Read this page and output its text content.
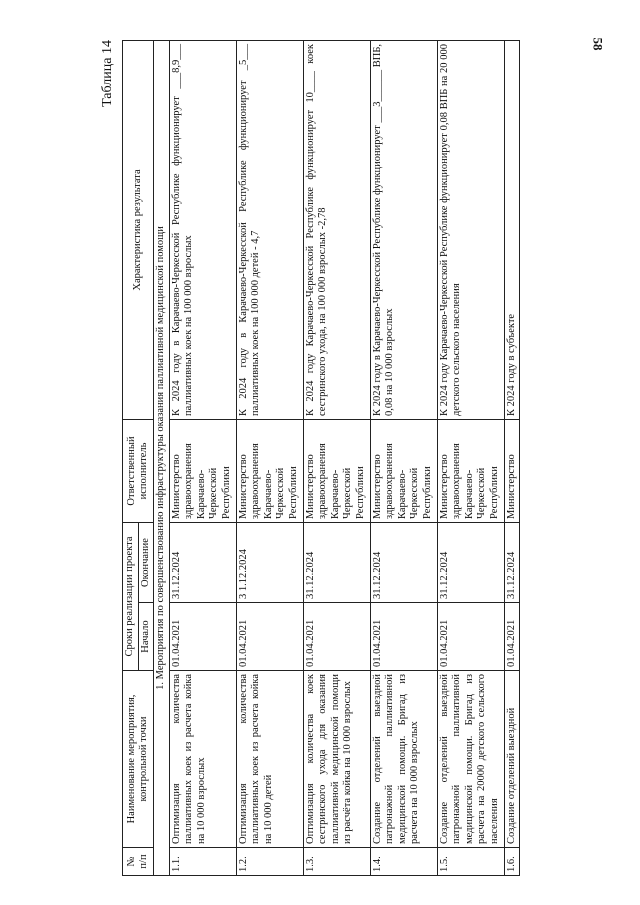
58
Таблица 14
№ п/п	Наименование мероприятия, контрольной точки	Сроки реализации проекта		Ответственный исполнитель	Характеристика результата
		Начало	Окончание		
1. Мероприятия по совершенствованию инфраструктуры оказания паллиативной медицинской помощи					
1.1.	Оптимизация количества паллиативных коек из расчета койка на 10 000 взрослых	01.04.2021	31.12.2024	Министерство здравоохранения Карачаево-Черкесской Республики	К 2024 году в Карачаево-Черкесской Республике функционирует ___8,9___ паллиативных коек на 100 000 взрослых
1.2.	Оптимизация количества паллиативных коек из расчета койка на 10 000 детей	01.04.2021	3 1.12.2024	Министерство здравоохранения Карачаево-Черкесской Республики	К 2024 году в Карачаево-Черкесской Республике функционирует _5___ паллиативных коек на 100 000 детей - 4,7
1.3.	Оптимизация количества коек сестринского ухода для оказания паллиативной медицинской помощи из расчёта койка на 10 000 взрослых	01.04.2021	31.12.2024	Министерство здравоохранения Карачаево-Черкесской Республики	К 2024 году Карачаево-Черкесской Республике функционирует 10____ коек сестринского ухода, на 100 000 взрослых -2,78
1.4.	Создание отделений выездной патронажной паллиативной медицинской помощи. Бригад из расчета на 10 000 взрослых	01.04.2021	31.12.2024	Министерство здравоохранения Карачаево-Черкесской Республики	К 2024 году в Карачаево-Черкесской Республике функционирует ___3______ ВПБ, 0,08 на 10 000 взрослых
1.5.	Создание отделений выездной патронажной паллиативной медицинской помощи. Бригад из расчета на 20000 детского сельского населения	01.04.2021	31.12.2024	Министерство здравоохранения Карачаево-Черкесской Республики	К 2024 году Карачаево-Черкесской Республике функционирует 0,08 ВПБ на 20 000 детского сельского населения
1.6.	Создание отделений выездной	01.04.2021	31.12.2024	Министерство	К 2024 году в субъекте
